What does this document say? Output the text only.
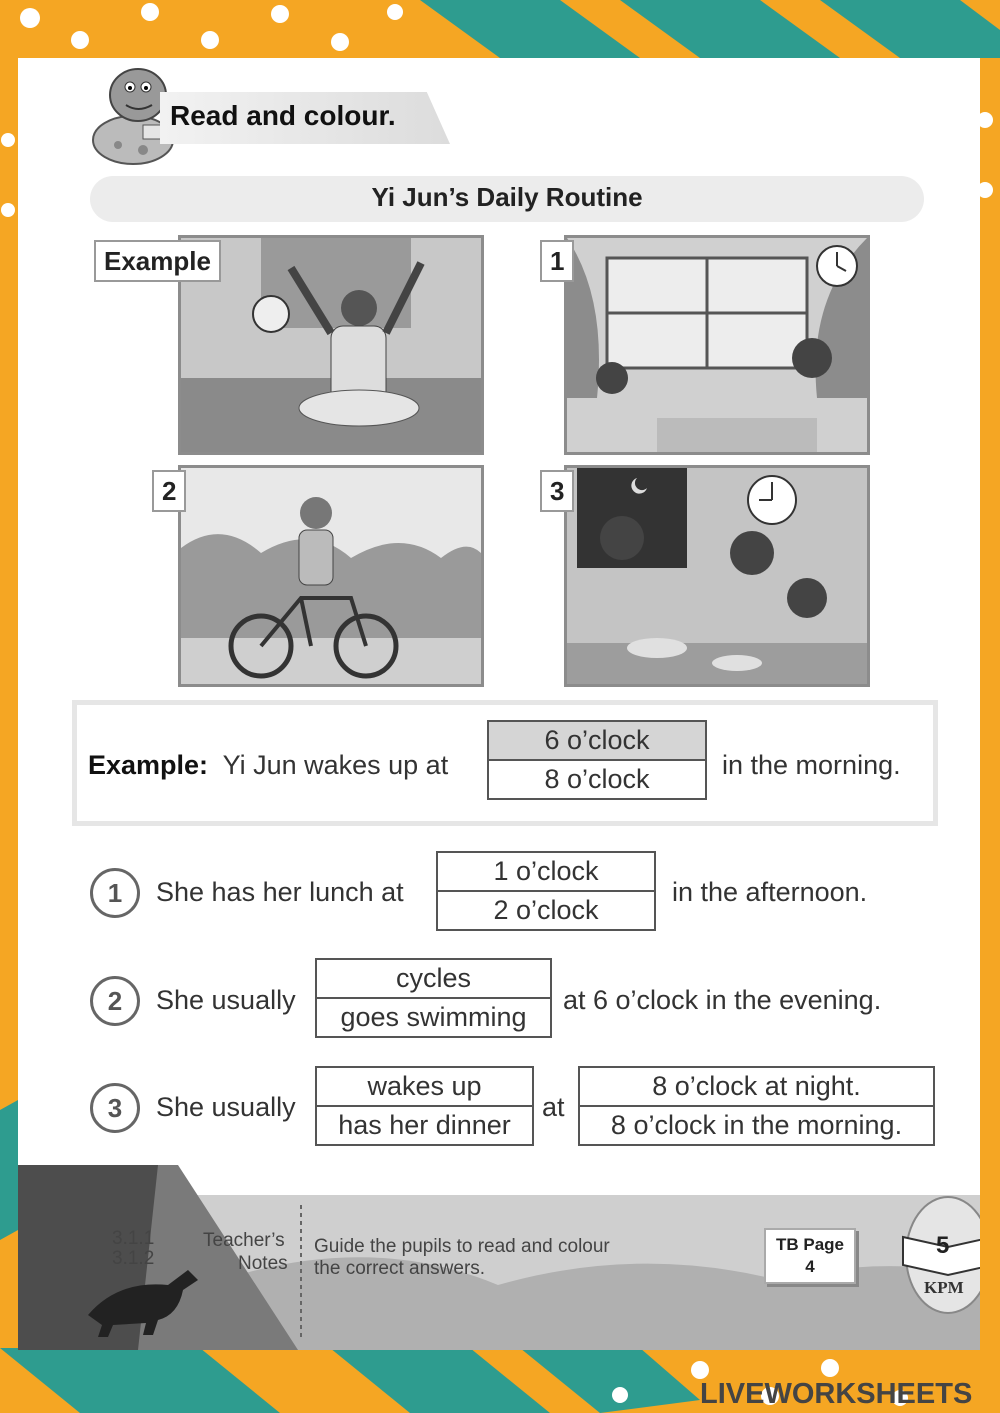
Read and colour.
Yi Jun’s Daily Routine
Example	1
2	3
Example: Yi Jun wakes up at
6 o’clock
8 o’clock	in the morning.
1	She has her lunch at
1 o’clock
2 o’clock
in the afternoon.
2	She usually
cycles
goes swimming
at 6 o’clock in the evening.
3	She usually
wakes up
has her dinner
at
8 o’clock at night.
8 o’clock in the morning.
3.1.1
3.1.2
Teacher’s
Notes
Guide the pupils to read and colour
the correct answers.
TB Page
4
5
KPM
LIVEWORKSHEETS
